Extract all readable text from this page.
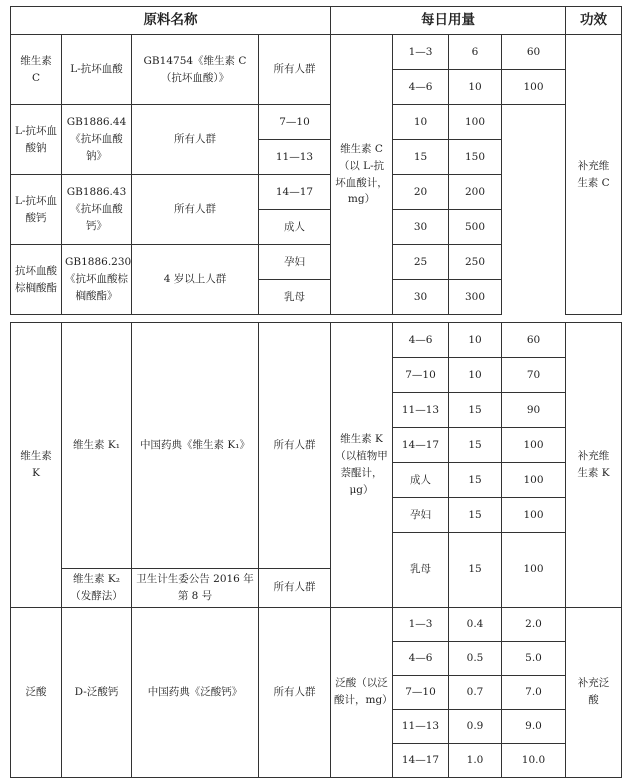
原料名称				每日用量				功效

维生素C	L-抗坏血酸	GB14754《维生素 C（抗坏血酸）》	所有人群	维生素 C（以 L-抗坏血酸计，mg）	1—3	6	60	补充维生素 C

					4—6	10	100	
L-抗坏血酸钠	GB1886.44《抗坏血酸钠》	所有人群	7—10		10	100		
			11—13		15	150		
L-抗坏血酸钙	GB1886.43《抗坏血酸钙》	所有人群	14—17		20	200		
			成人		30	500		
抗坏血酸棕榈酸酯	GB1886.230 《抗坏血酸棕榈酸酯》	4 岁以上人群	孕妇		25	250		
			乳母		30	300		
维生素K	维生素 K₁	中国药典《维生素 K₁》	所有人群	维生素 K（以植物甲萘醌计，μg）	4—6	10	60	补充维生素 K

					7—10	10	70	
					11—13	15	90	
					14—17	15	100	
					成人	15	100	
					孕妇	15	100	
					乳母	15	100	
	维生素 K₂（发酵法）	卫生计生委公告 2016 年第 8 号	所有人群					
泛酸	D-泛酸钙	中国药典《泛酸钙》	所有人群	泛酸（以泛酸计，mg）	1—3	0.4	2.0	补充泛酸

					4—6	0.5	5.0	
					7—10	0.7	7.0	
					11—13	0.9	9.0	
					14—17	1.0	10.0	
